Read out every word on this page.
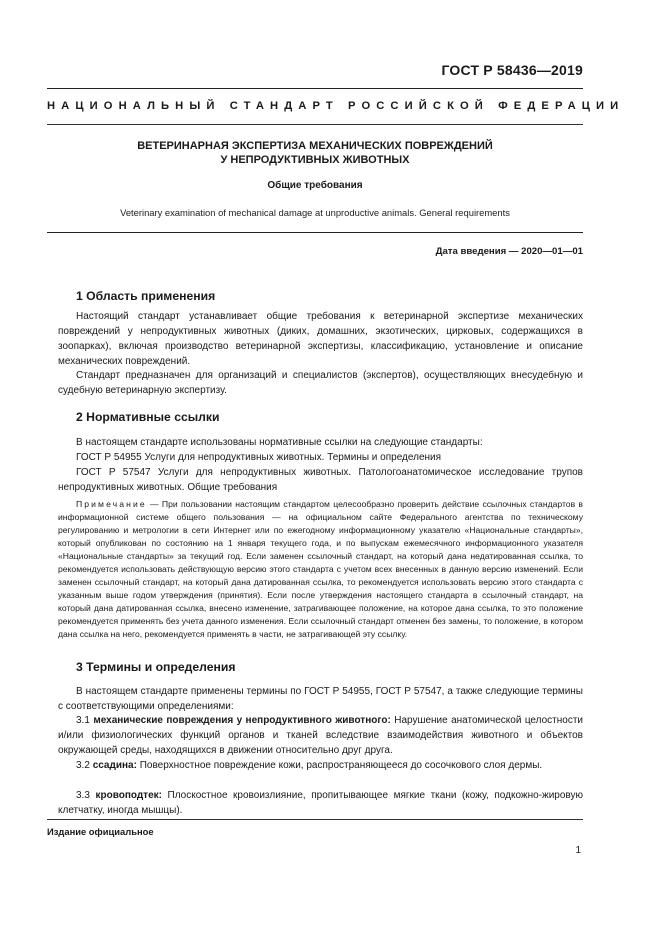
ГОСТ Р 58436—2019
НАЦИОНАЛЬНЫЙ СТАНДАРТ РОССИЙСКОЙ ФЕДЕРАЦИИ
ВЕТЕРИНАРНАЯ ЭКСПЕРТИЗА МЕХАНИЧЕСКИХ ПОВРЕЖДЕНИЙ
У НЕПРОДУКТИВНЫХ ЖИВОТНЫХ
Общие требования
Veterinary examination of mechanical damage at unproductive animals. General requirements
Дата введения — 2020—01—01
1 Область применения
Настоящий стандарт устанавливает общие требования к ветеринарной экспертизе механических повреждений у непродуктивных животных (диких, домашних, экзотических, цирковых, содержащихся в зоопарках), включая производство ветеринарной экспертизы, классификацию, установление и описание механических повреждений.
Стандарт предназначен для организаций и специалистов (экспертов), осуществляющих внесудебную и судебную ветеринарную экспертизу.
2 Нормативные ссылки
В настоящем стандарте использованы нормативные ссылки на следующие стандарты:
ГОСТ Р 54955 Услуги для непродуктивных животных. Термины и определения
ГОСТ Р 57547 Услуги для непродуктивных животных. Патологоанатомическое исследование трупов непродуктивных животных. Общие требования
Примечание — При пользовании настоящим стандартом целесообразно проверить действие ссылочных стандартов в информационной системе общего пользования — на официальном сайте Федерального агентства по техническому регулированию и метрологии в сети Интернет или по ежегодному информационному указателю «Национальные стандарты», который опубликован по состоянию на 1 января текущего года, и по выпускам ежемесячного информационного указателя «Национальные стандарты» за текущий год. Если заменен ссылочный стандарт, на который дана недатированная ссылка, то рекомендуется использовать действующую версию этого стандарта с учетом всех внесенных в данную версию изменений. Если заменен ссылочный стандарт, на который дана датированная ссылка, то рекомендуется использовать версию этого стандарта с указанным выше годом утверждения (принятия). Если после утверждения настоящего стандарта в ссылочный стандарт, на который дана датированная ссылка, внесено изменение, затрагивающее положение, на которое дана ссылка, то это положение рекомендуется применять без учета данного изменения. Если ссылочный стандарт отменен без замены, то положение, в котором дана ссылка на него, рекомендуется применять в части, не затрагивающей эту ссылку.
3 Термины и определения
В настоящем стандарте применены термины по ГОСТ Р 54955, ГОСТ Р 57547, а также следующие термины с соответствующими определениями:
3.1 механические повреждения у непродуктивного животного: Нарушение анатомической целостности и/или физиологических функций органов и тканей вследствие взаимодействия животного и объектов окружающей среды, находящихся в движении относительно друг друга.
3.2 ссадина: Поверхностное повреждение кожи, распространяющееся до сосочкового слоя дермы.
3.3 кровоподтек: Плоскостное кровоизлияние, пропитывающее мягкие ткани (кожу, подкожно-жировую клетчатку, иногда мышцы).
Издание официальное
1
